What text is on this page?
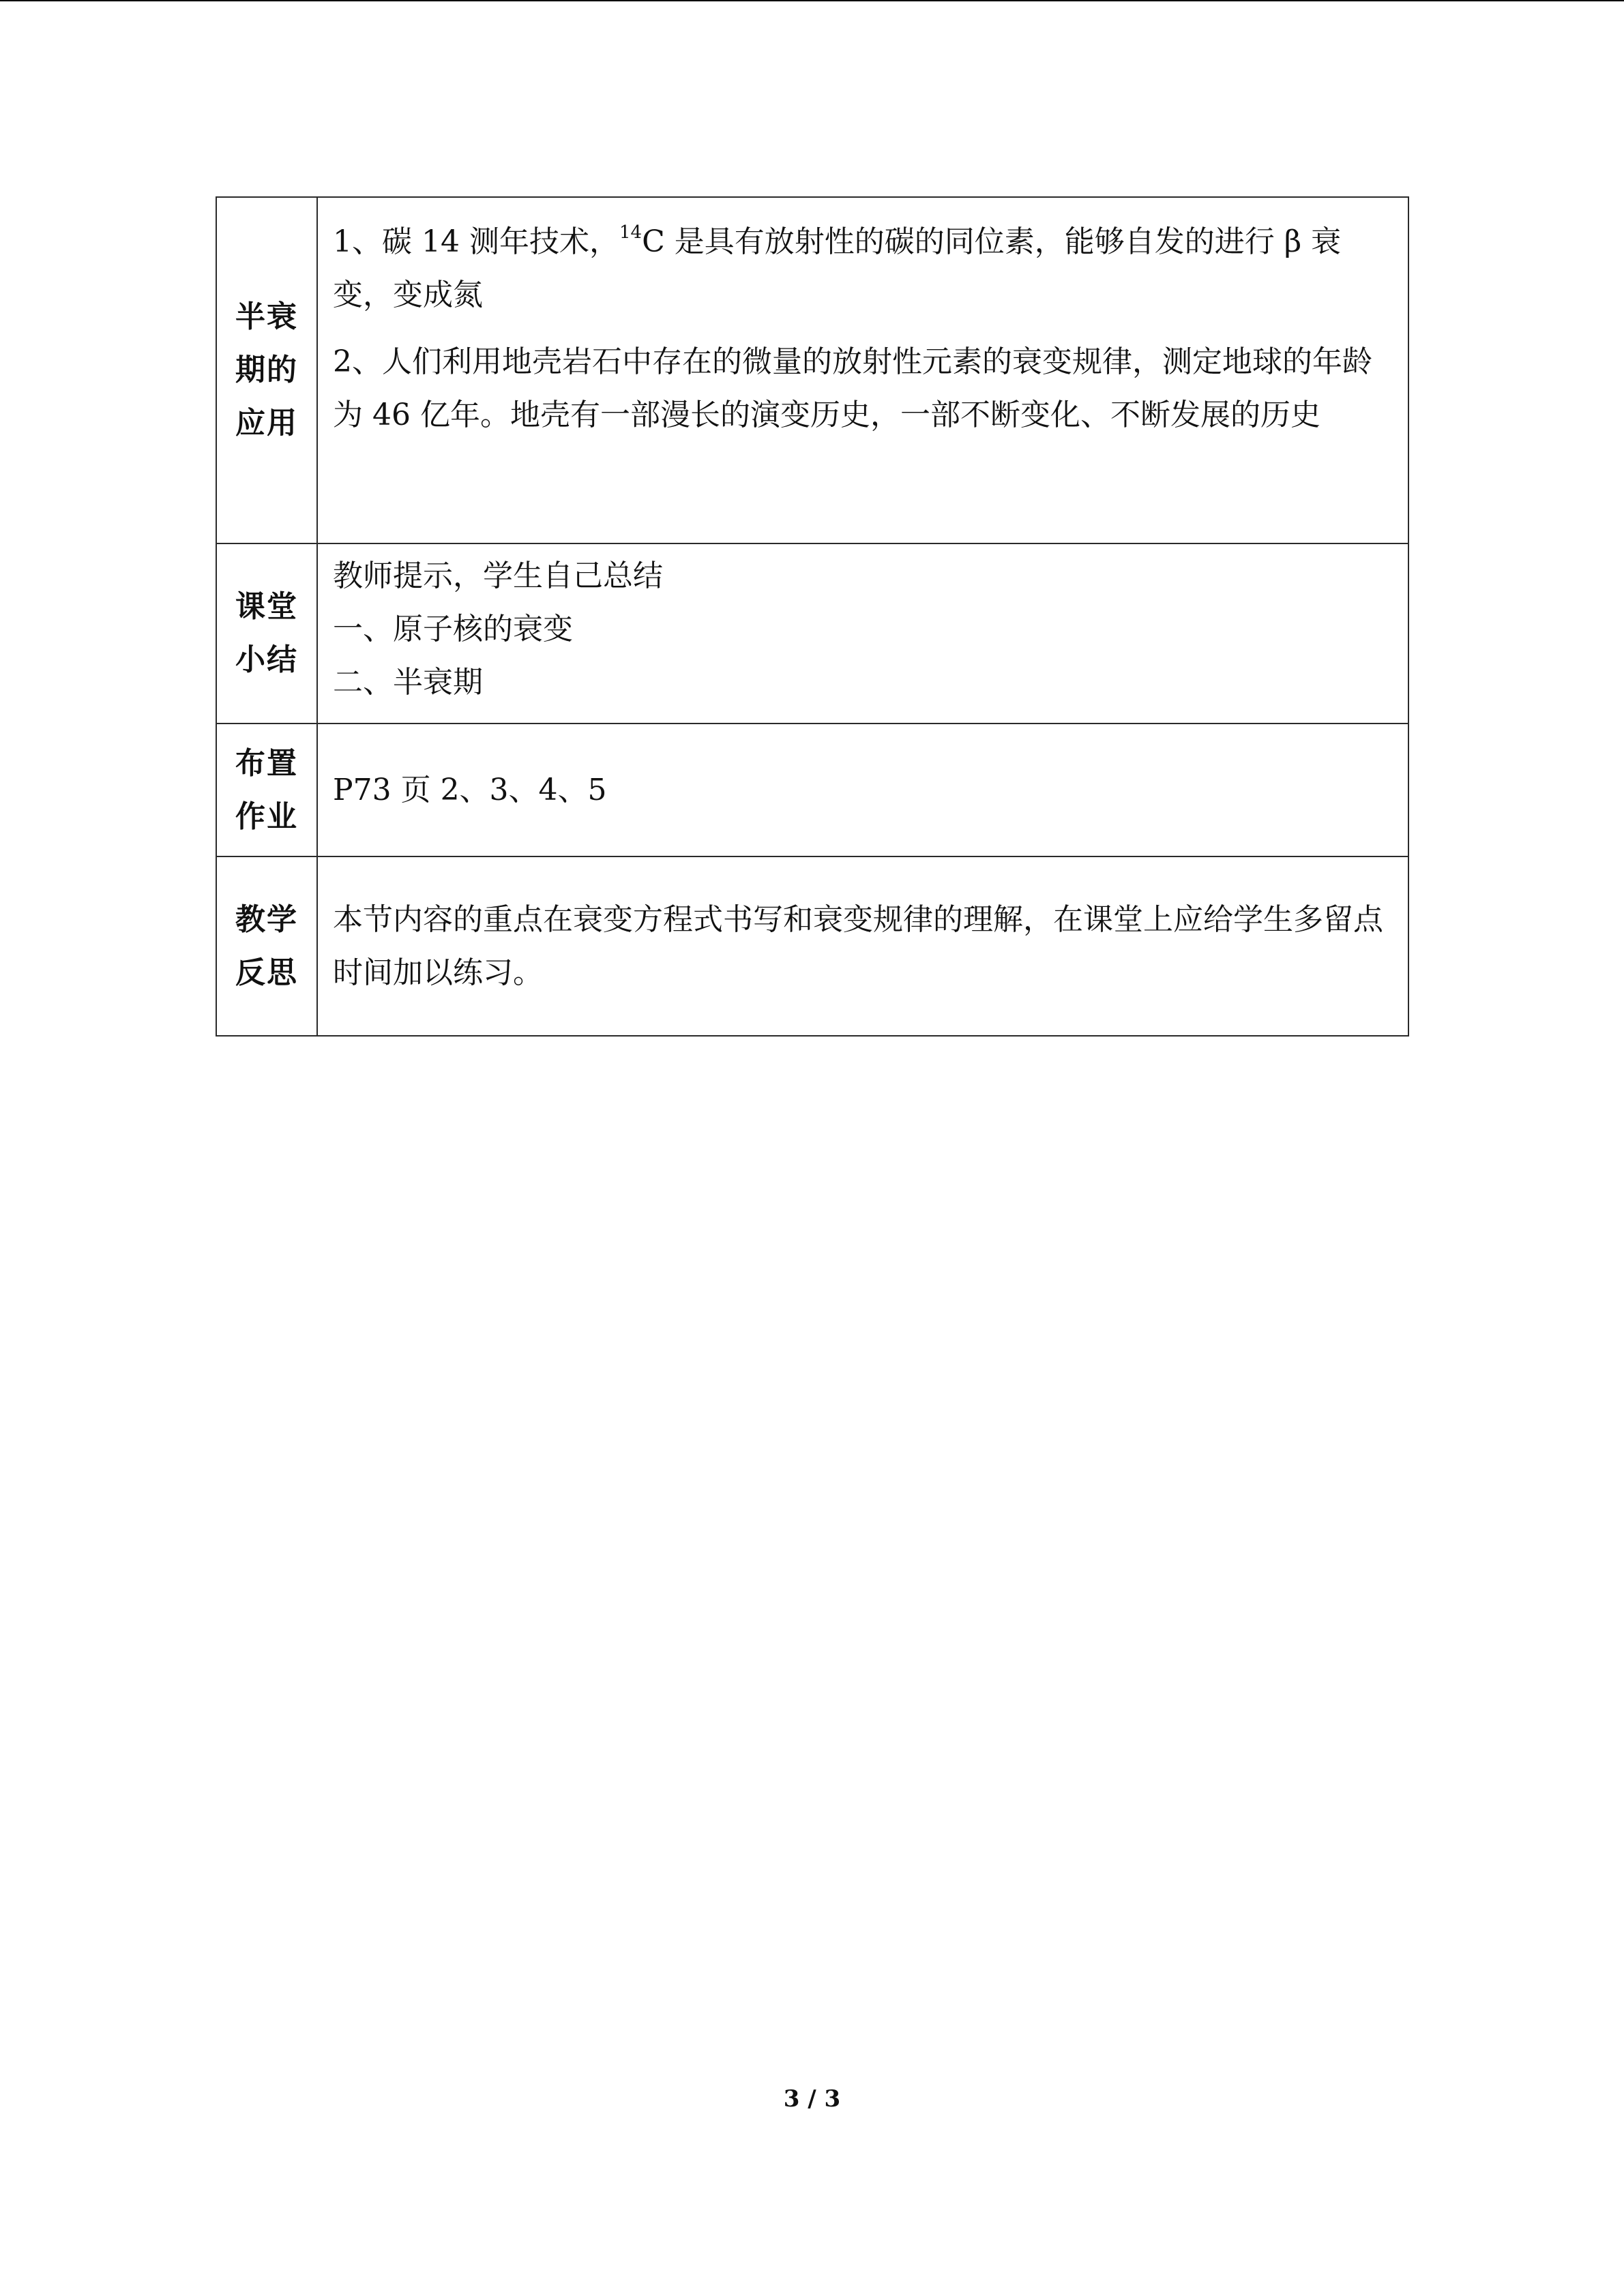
半衰期的应用	1、碳 14 测年技术，$^{14}$C 是具有放射性的碳的同位素，能够自发的进行 β 衰变，变成氮

2、人们利用地壳岩石中存在的微量的放射性元素的衰变规律，测定地球的年龄为 46 亿年。地壳有一部漫长的演变历史，一部不断变化、不断发展的历史

课堂小结	教师提示，学生自己总结

一、原子核的衰变

二、半衰期

布置作业	P73 页 2、3、4、5

教学反思	本节内容的重点在衰变方程式书写和衰变规律的理解，在课堂上应给学生多留点时间加以练习。

3 / 3
